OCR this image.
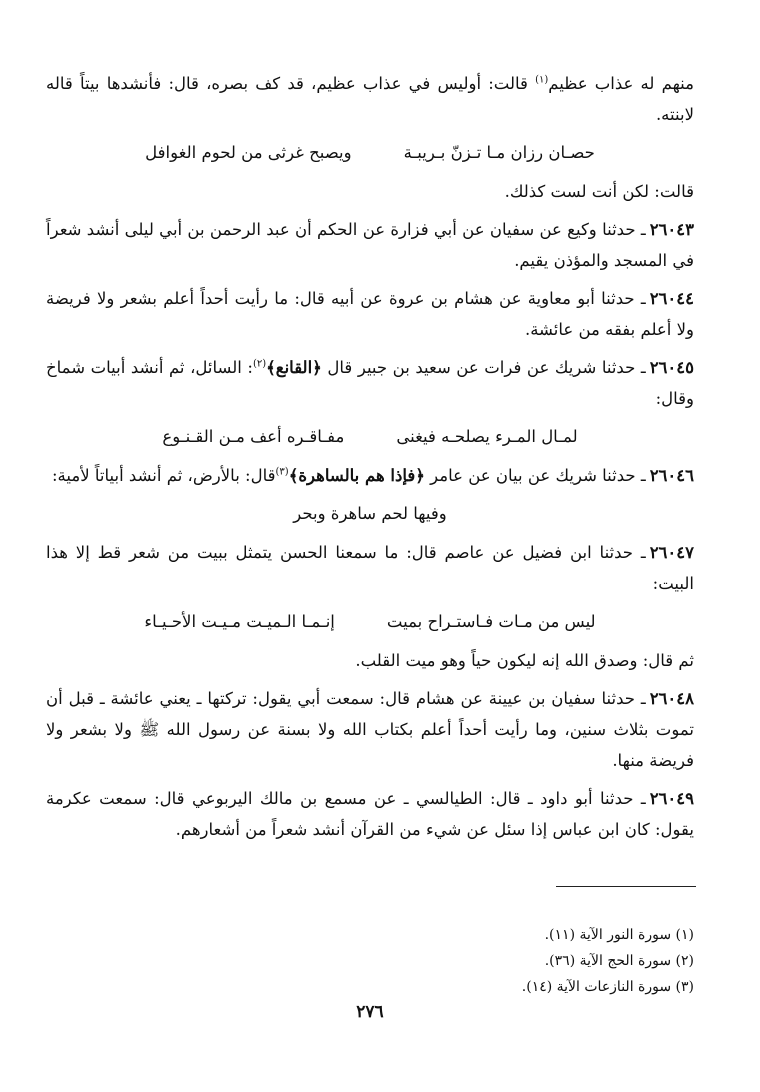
منهم له عذاب عظيم$^{(١)}$ قالت: أوليس في عذاب عظيم، قد كف بصره، قال: فأنشدها بيتاً قاله لابنته.

حصـان رزان مـا تـزنّ بـريبـة
ويصبح غرثى من لحوم الغوافل

قالت: لكن أنت لست كذلك.

٢٦٠٤٣ـ حدثنا وكيع عن سفيان عن أبي فزارة عن الحكم أن عبد الرحمن بن أبي ليلى أنشد شعراً في المسجد والمؤذن يقيم.

٢٦٠٤٤ـ حدثنا أبو معاوية عن هشام بن عروة عن أبيه قال: ما رأيت أحداً أعلم بشعر ولا فريضة ولا أعلم بفقه من عائشة.

٢٦٠٤٥ـ حدثنا شريك عن فرات عن سعيد بن جبير قال ﴿القانع﴾$^{(٢)}$: السائل، ثم أنشد أبيات شماخ وقال:

لمـال المـرء يصلحـه فيغنى
مفـاقـره أعف مـن القـنـوع

٢٦٠٤٦ـ حدثنا شريك عن بيان عن عامر ﴿فإذا هم بالساهرة﴾$^{(٣)}$قال: بالأرض، ثم أنشد أبياتاً لأمية:

وفيها لحم ساهرة وبحر

٢٦٠٤٧ـ حدثنا ابن فضيل عن عاصم قال: ما سمعنا الحسن يتمثل ببيت من شعر قط إلا هذا البيت:

ليس من مـات فـاستـراح بميت
إنـمـا الـميـت مـيـت الأحـيـاء

ثم قال: وصدق الله إنه ليكون حياً وهو ميت القلب.

٢٦٠٤٨ـ حدثنا سفيان بن عيينة عن هشام قال: سمعت أبي يقول: تركتها ـ يعني عائشة ـ قبل أن تموت بثلاث سنين، وما رأيت أحداً أعلم بكتاب الله ولا بسنة عن رسول الله ﷺ ولا بشعر ولا فريضة منها.

٢٦٠٤٩ـ حدثنا أبو داود ـ قال: الطيالسي ـ عن مسمع بن مالك اليربوعي قال: سمعت عكرمة يقول: كان ابن عباس إذا سئل عن شيء من القرآن أنشد شعراً من أشعارهم.

(١) سورة النور الآية (١١).
(٢) سورة الحج الآية (٣٦).
(٣) سورة النازعات الآية (١٤).
٢٧٦
